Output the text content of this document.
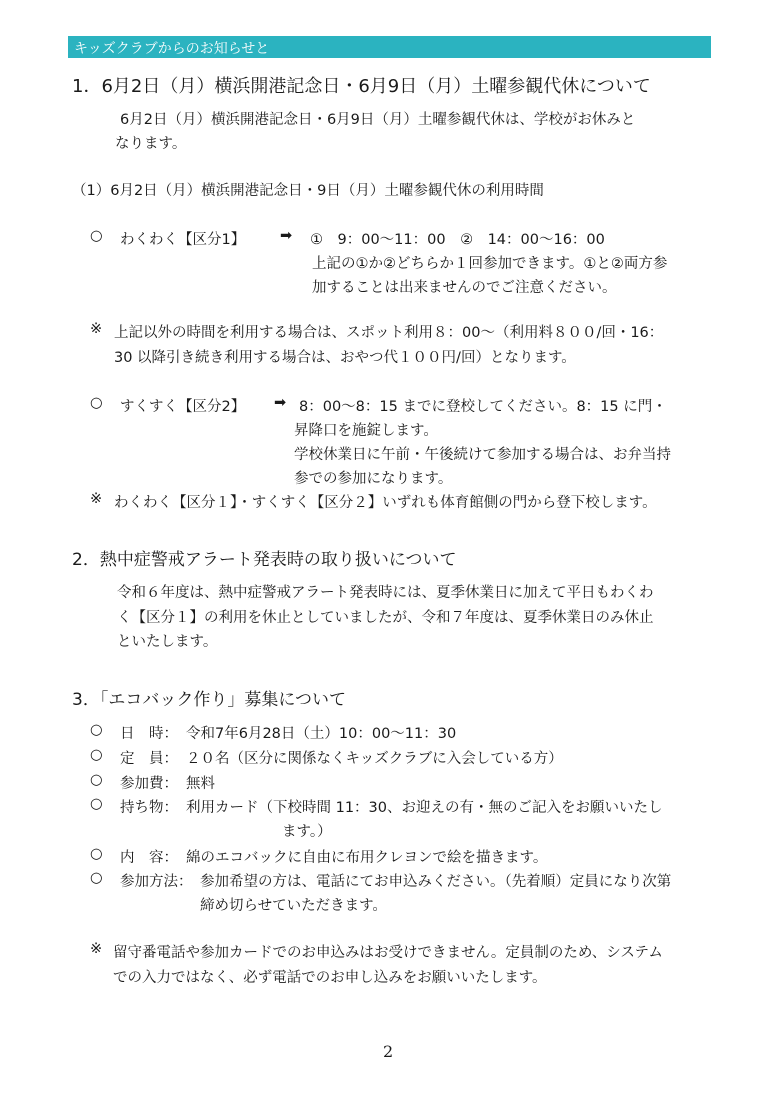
キッズクラブからのお知らせと
1．6月2日（月）横浜開港記念日・6月9日（月）土曜参観代休について
6月2日（月）横浜開港記念日・6月9日（月）土曜参観代休は、学校がお休みと
なります。
（1）6月2日（月）横浜開港記念日・9日（月）土曜参観代休の利用時間
○ わくわく【区分1】 ➡ ①　9：00〜11：00　②　14：00〜16：00
上記の①か②どちらか１回参加できます。①と②両方参
加することは出来ませんのでご注意ください。
※ 上記以外の時間を利用する場合は、スポット利用８：00〜（利用料８００/回・16：
30 以降引き続き利用する場合は、おやつ代１００円/回）となります。
○ すくすく【区分2】 ➡ 8：00〜8：15 までに登校してください。8：15 に門・
昇降口を施錠します。
学校休業日に午前・午後続けて参加する場合は、お弁当持
参での参加になります。
※ わくわく【区分１】・すくすく【区分２】いずれも体育館側の門から登下校します。
2．熱中症警戒アラート発表時の取り扱いについて
令和６年度は、熱中症警戒アラート発表時には、夏季休業日に加えて平日もわくわ
く【区分１】の利用を休止としていましたが、令和７年度は、夏季休業日のみ休止
といたします。
3．「エコバック作り」募集について
○ 日　時： 令和7年6月28日（土）10：00〜11：30
○ 定　員： ２０名（区分に関係なくキッズクラブに入会している方）
○ 参加費： 無料
○ 持ち物： 利用カード（下校時間 11：30、お迎えの有・無のご記入をお願いいたし
ます。）
○ 内　容： 綿のエコバックに自由に布用クレヨンで絵を描きます。
○ 参加方法： 参加希望の方は、電話にてお申込みください。（先着順）定員になり次第
締め切らせていただきます。
※ 留守番電話や参加カードでのお申込みはお受けできません。定員制のため、システム
での入力ではなく、必ず電話でのお申し込みをお願いいたします。
2
